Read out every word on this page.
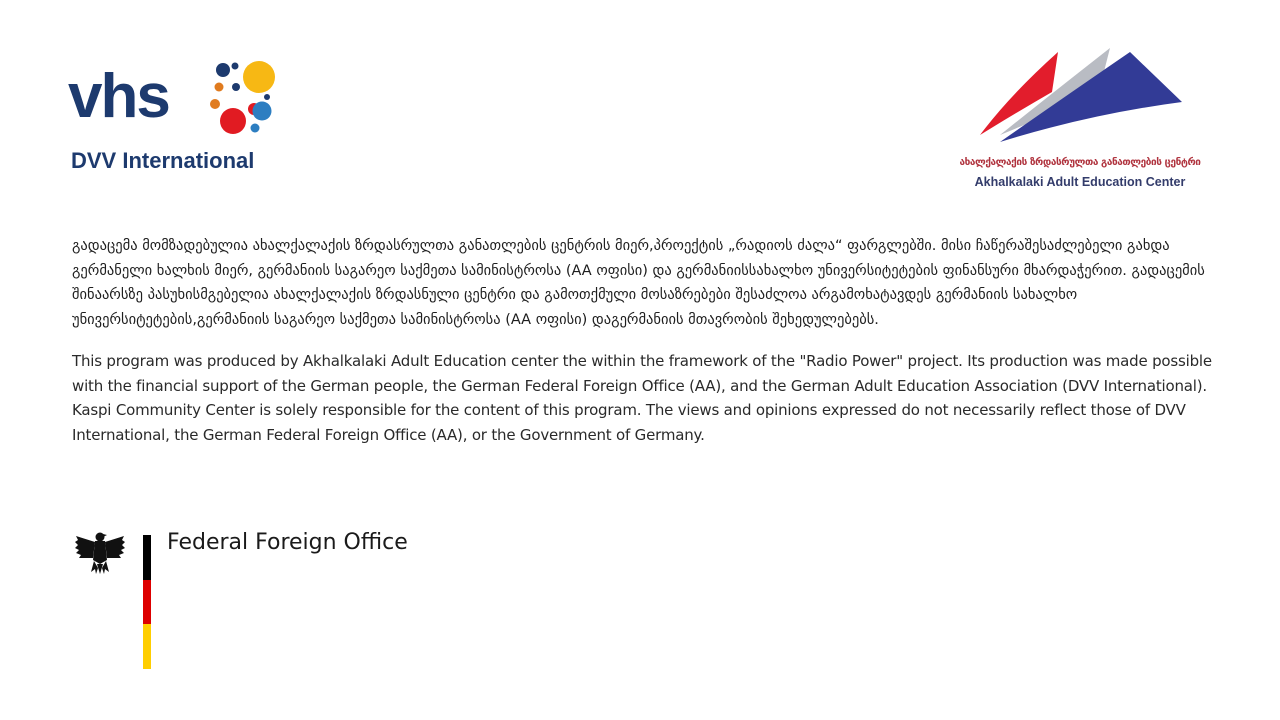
vhs
DVV International	ახალქალაქის ზრდასრულთა განათლების ცენტრი
Akhalkalaki Adult Education Center

გადაცემა მომზადებულია ახალქალაქის ზრდასრულთა განათლების ცენტრის მიერ,პროექტის „რადიოს ძალა“ ფარგლებში. მისი ჩაწერაშესაძლებელი გახდა გერმანელი ხალხის მიერ, გერმანიის საგარეო საქმეთა სამინისტროსა (AA ოფისი) და გერმანიისსახალხო უნივერსიტეტების ფინანსური მხარდაჭერით. გადაცემის შინაარსზე პასუხისმგებელია ახალქალაქის ზრდასნული ცენტრი და გამოთქმული მოსაზრებები შესაძლოა არგამოხატავდეს გერმანიის სახალხო უნივერსიტეტების,გერმანიის საგარეო საქმეთა სამინისტროსა (AA ოფისი) დაგერმანიის მთავრობის შეხედულებებს.

This program was produced by Akhalkalaki Adult Education center the within the framework of the "Radio Power" project. Its production was made possible with the financial support of the German people, the German Federal Foreign Office (AA), and the German Adult Education Association (DVV International).

Kaspi Community Center is solely responsible for the content of this program. The views and opinions expressed do not necessarily reflect those of DVV International, the German Federal Foreign Office (AA), or the Government of Germany.

Federal Foreign Office
